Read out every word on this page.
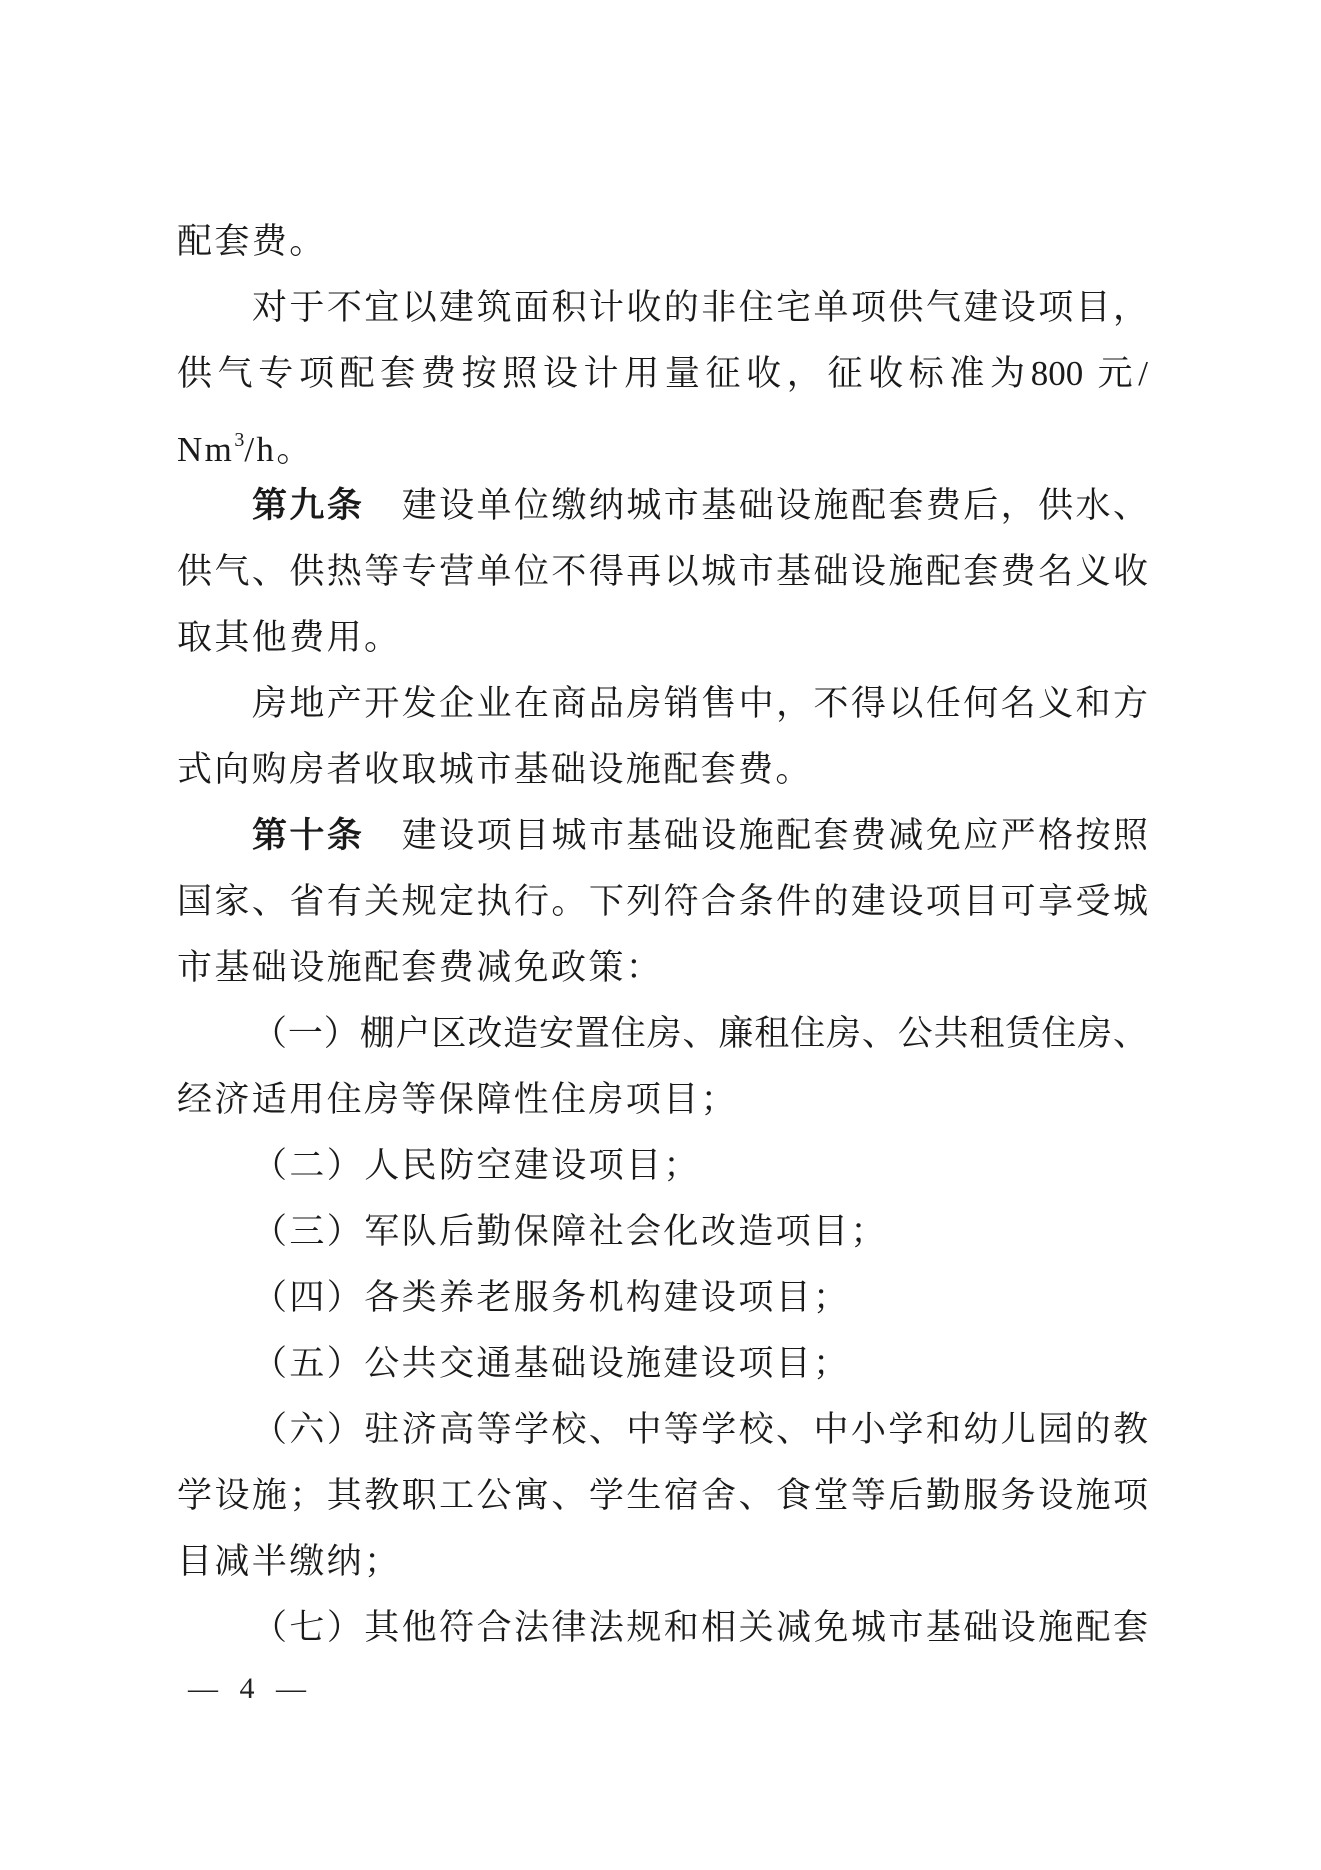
配套费。
对于不宜以建筑面积计收的非住宅单项供气建设项目，
供气专项配套费按照设计用量征收，征收标准为800 元/
Nm$^3$/h。
第九条　建设单位缴纳城市基础设施配套费后，供水、
供气、供热等专营单位不得再以城市基础设施配套费名义收
取其他费用。
房地产开发企业在商品房销售中，不得以任何名义和方
式向购房者收取城市基础设施配套费。
第十条　建设项目城市基础设施配套费减免应严格按照
国家、省有关规定执行。下列符合条件的建设项目可享受城
市基础设施配套费减免政策：
（一）棚户区改造安置住房、廉租住房、公共租赁住房、
经济适用住房等保障性住房项目；
（二）人民防空建设项目；
（三）军队后勤保障社会化改造项目；
（四）各类养老服务机构建设项目；
（五）公共交通基础设施建设项目；
（六）驻济高等学校、中等学校、中小学和幼儿园的教
学设施；其教职工公寓、学生宿舍、食堂等后勤服务设施项
目减半缴纳；
（七）其他符合法律法规和相关减免城市基础设施配套
— 4 —
